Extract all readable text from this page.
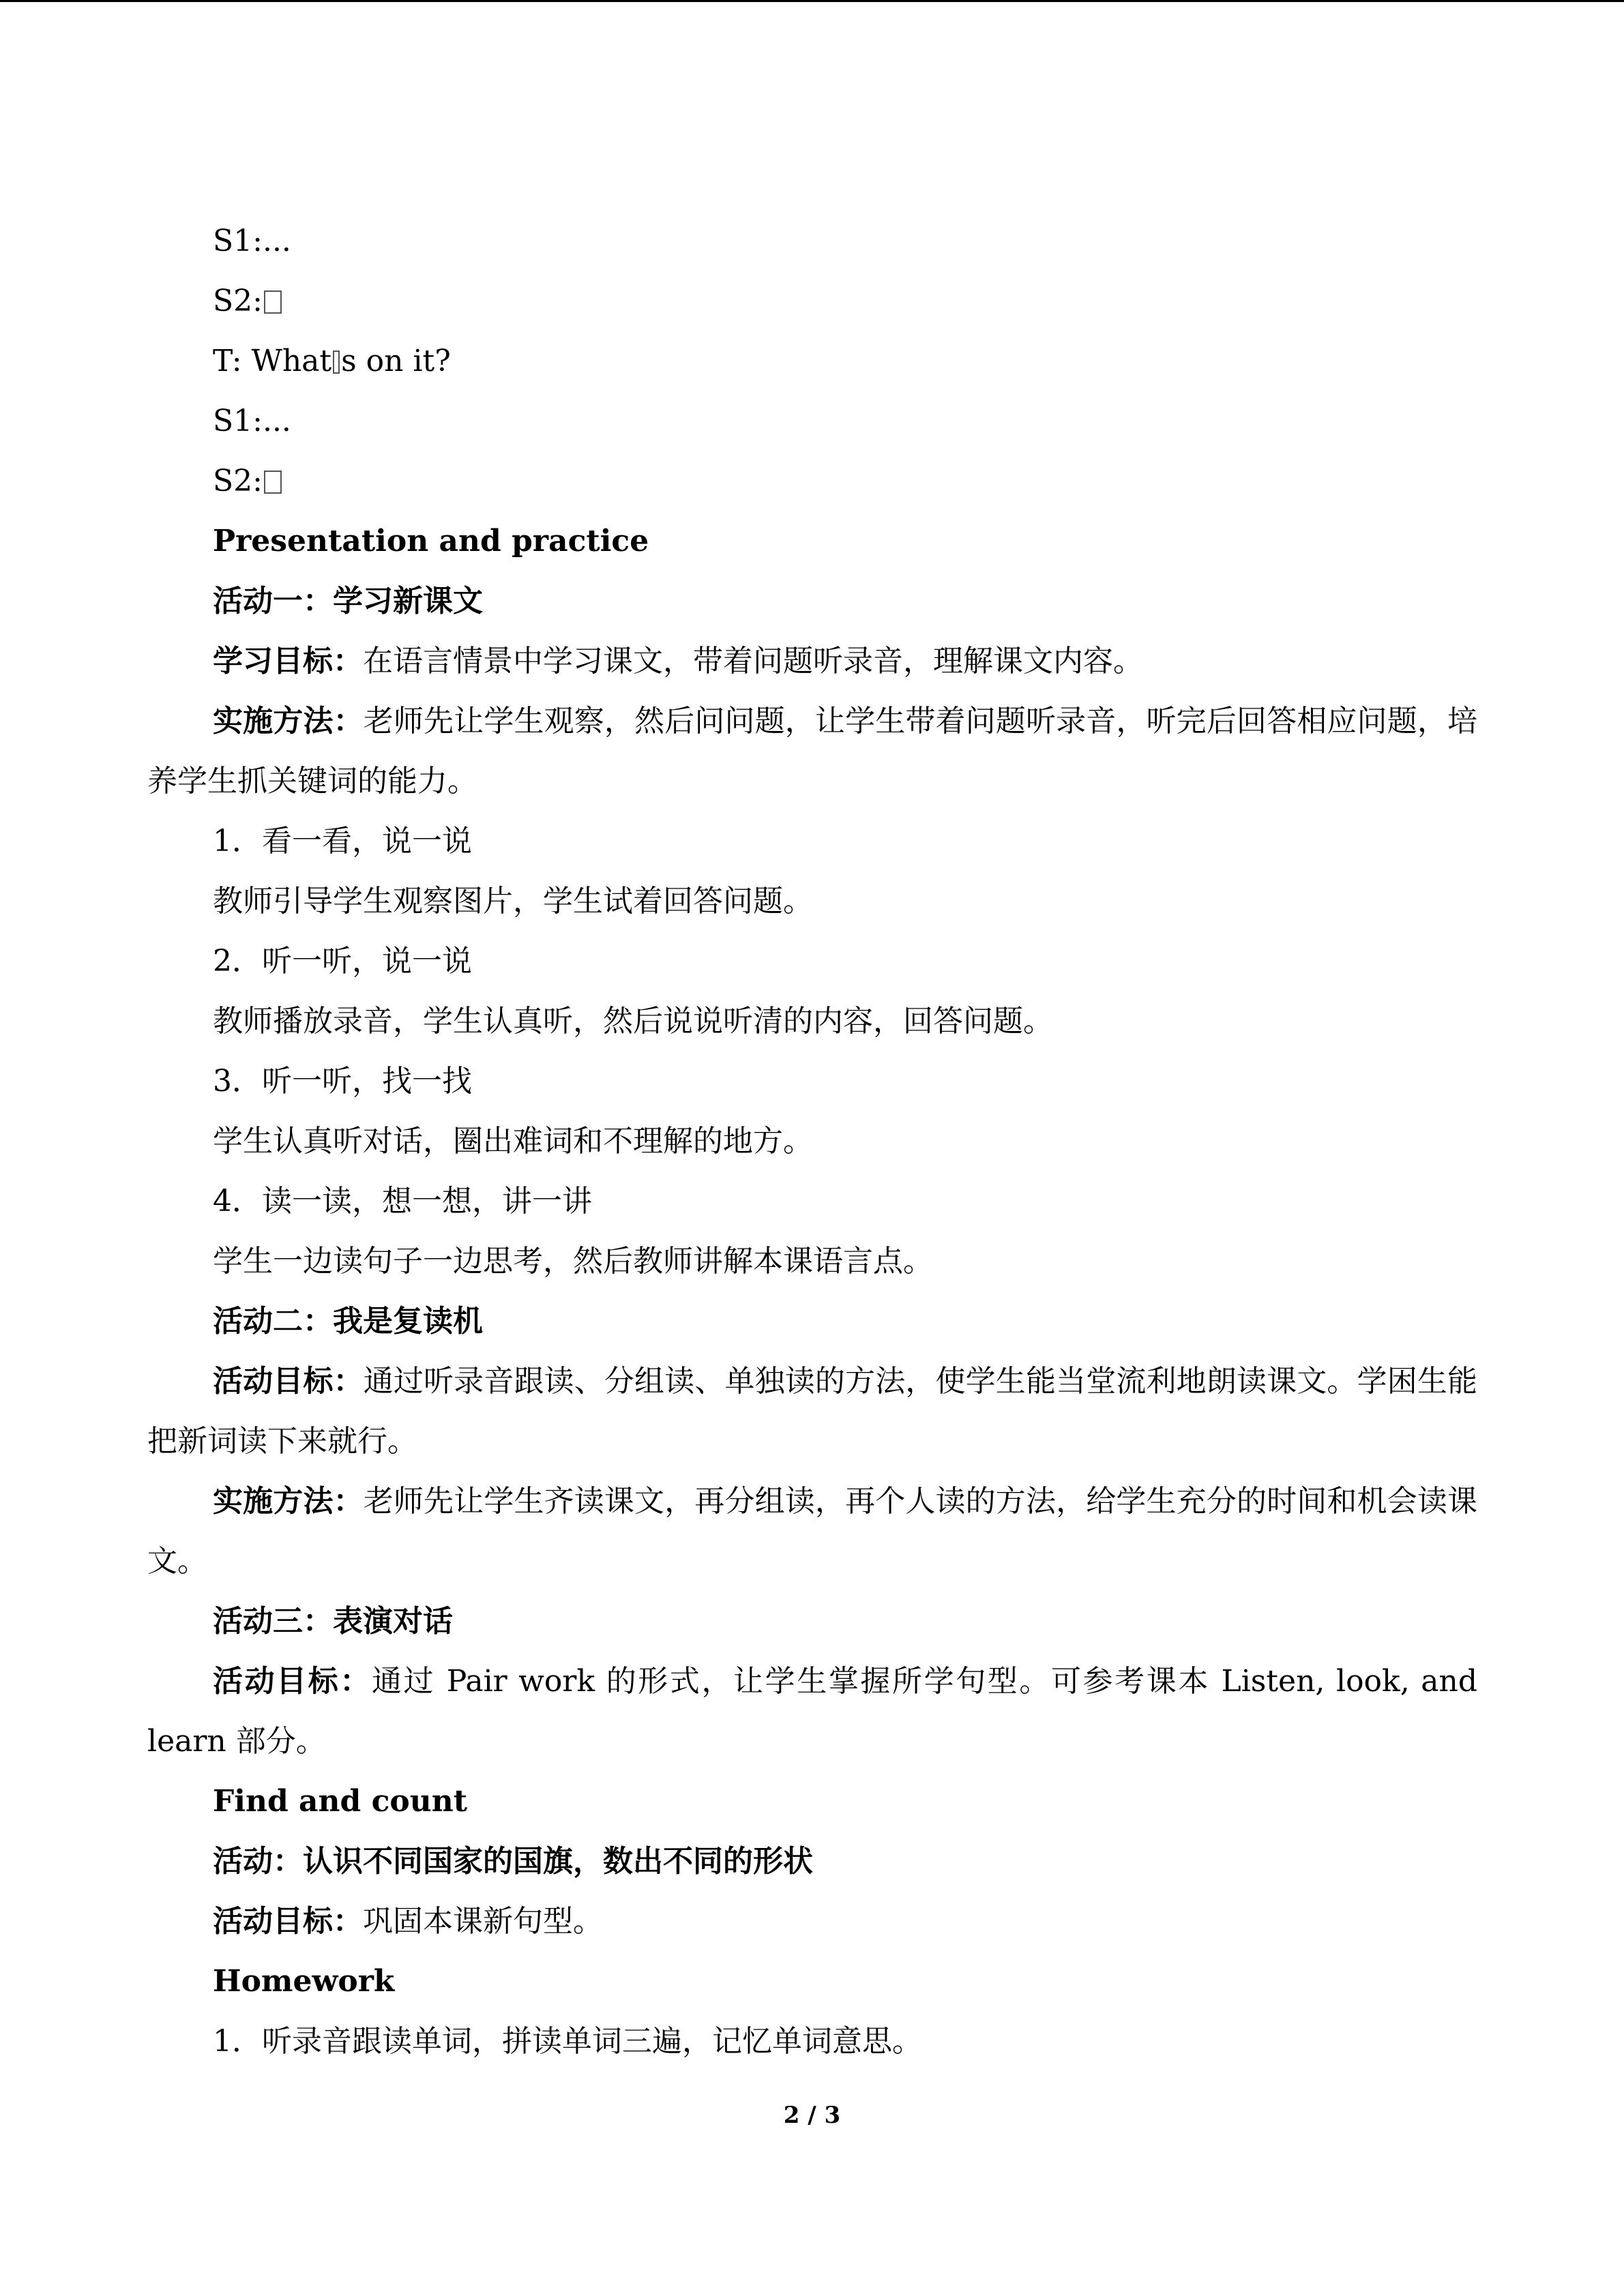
S1:...

S2:

T: What s on it?

S1:...

S2:

Presentation and practice

活动一：学习新课文

学习目标：在语言情景中学习课文，带着问题听录音，理解课文内容。

实施方法：老师先让学生观察，然后问问题，让学生带着问题听录音，听完后回答相应问题，培养学生抓关键词的能力。

1．看一看，说一说

教师引导学生观察图片，学生试着回答问题。

2．听一听，说一说

教师播放录音，学生认真听，然后说说听清的内容，回答问题。

3．听一听，找一找

学生认真听对话，圈出难词和不理解的地方。

4．读一读，想一想，讲一讲

学生一边读句子一边思考，然后教师讲解本课语言点。

活动二：我是复读机

活动目标：通过听录音跟读、分组读、单独读的方法，使学生能当堂流利地朗读课文。学困生能把新词读下来就行。

实施方法：老师先让学生齐读课文，再分组读，再个人读的方法，给学生充分的时间和机会读课文。

活动三：表演对话

活动目标：通过 Pair work 的形式，让学生掌握所学句型。可参考课本 Listen, look, and learn 部分。

Find and count

活动：认识不同国家的国旗，数出不同的形状

活动目标：巩固本课新句型。

Homework

1．听录音跟读单词，拼读单词三遍，记忆单词意思。

2 / 3
